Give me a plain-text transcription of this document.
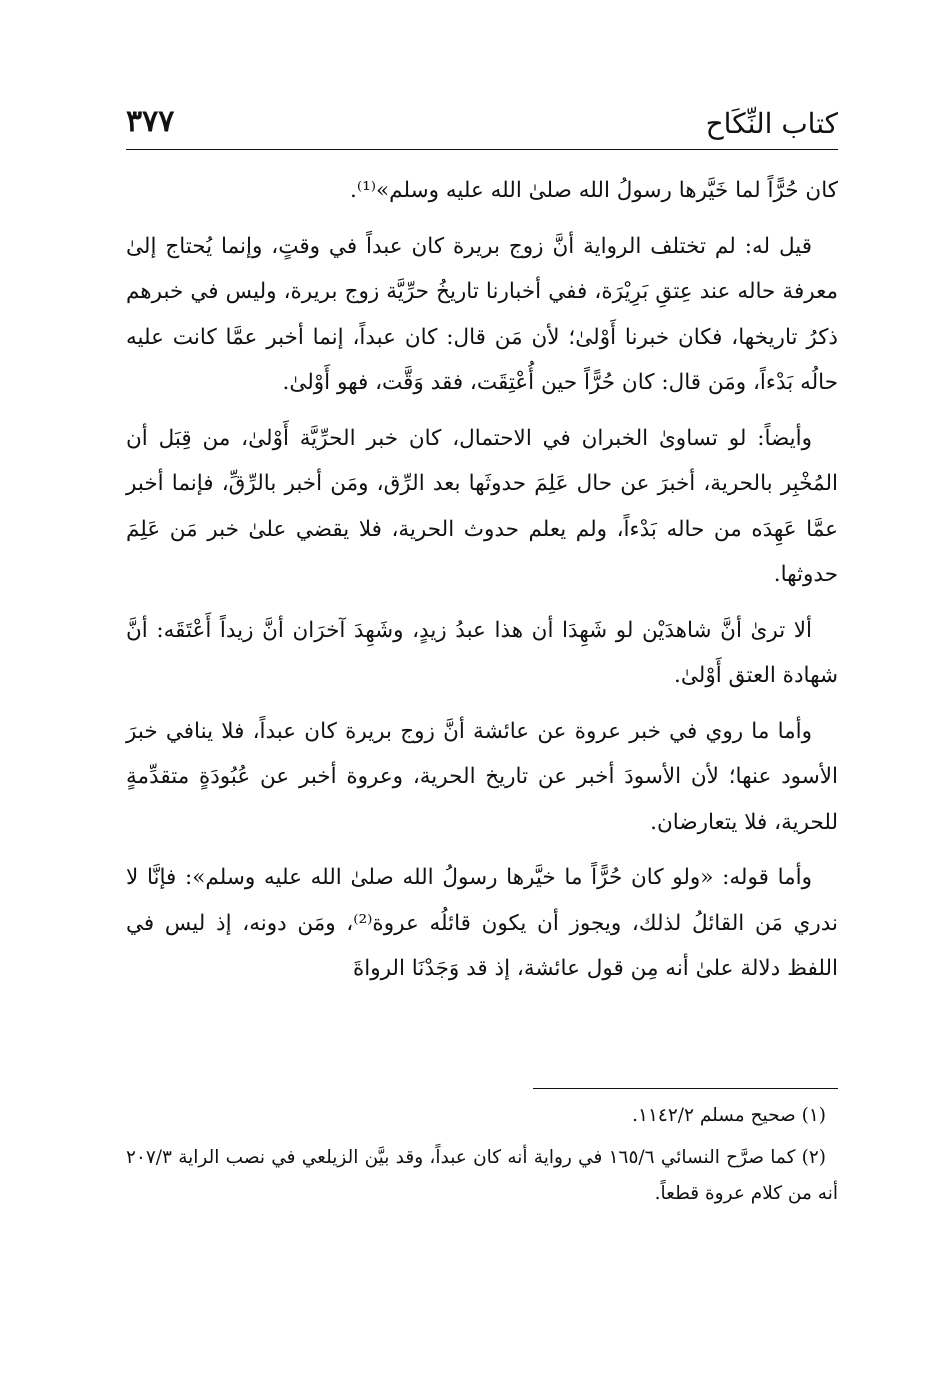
كتاب النِّكَاح
٣٧٧

كان حُرًّاً لما خَيَّرها رسولُ الله صلىٰ الله عليه وسلم»⁽¹⁾.

قيل له: لم تختلف الرواية أنَّ زوج بريرة كان عبداً في وقتٍ، وإنما يُحتاج إلىٰ معرفة حاله عند عِتقِ بَرِيْرَة، ففي أخبارنا تاريخُ حرِّيَّة زوج بريرة، وليس في خبرهم ذكرُ تاريخها، فكان خبرنا أَوْلىٰ؛ لأن مَن قال: كان عبداً، إنما أخبر عمَّا كانت عليه حالُه بَدْءاً، ومَن قال: كان حُرًّاً حين أُعْتِقَت، فقد وَقَّت، فهو أَوْلىٰ.

وأيضاً: لو تساوىٰ الخبران في الاحتمال، كان خبر الحرِّيَّة أَوْلىٰ، من قِبَل أن المُخْبِر بالحرية، أخبرَ عن حال عَلِمَ حدوثَها بعد الرِّق، ومَن أخبر بالرِّقِّ، فإنما أخبر عمَّا عَهِدَه من حاله بَدْءاً، ولم يعلم حدوث الحرية، فلا يقضي علىٰ خبر مَن عَلِمَ حدوثها.

ألا ترىٰ أنَّ شاهدَيْن لو شَهِدَا أن هذا عبدُ زيدٍ، وشَهِدَ آخرَان أنَّ زيداً أَعْتَقَه: أنَّ شهادة العتق أَوْلىٰ.

وأما ما روي في خبر عروة عن عائشة أنَّ زوج بريرة كان عبداً، فلا ينافي خبرَ الأسود عنها؛ لأن الأسودَ أخبر عن تاريخ الحرية، وعروة أخبر عن عُبُودَةٍ متقدِّمةٍ للحرية، فلا يتعارضان.

وأما قوله: «ولو كان حُرًّاً ما خيَّرها رسولُ الله صلىٰ الله عليه وسلم»: فإنَّا لا ندري مَن القائلُ لذلك، ويجوز أن يكون قائلُه عروة⁽²⁾، ومَن دونه، إذ ليس في اللفظ دلالة علىٰ أنه مِن قول عائشة، إذ قد وَجَدْنَا الرواةَ

(١) صحيح مسلم ١١٤٢/٢.

(٢) كما صرَّح النسائي ١٦٥/٦ في رواية أنه كان عبداً، وقد بيَّن الزيلعي في نصب الراية ٢٠٧/٣ أنه من كلام عروة قطعاً.
